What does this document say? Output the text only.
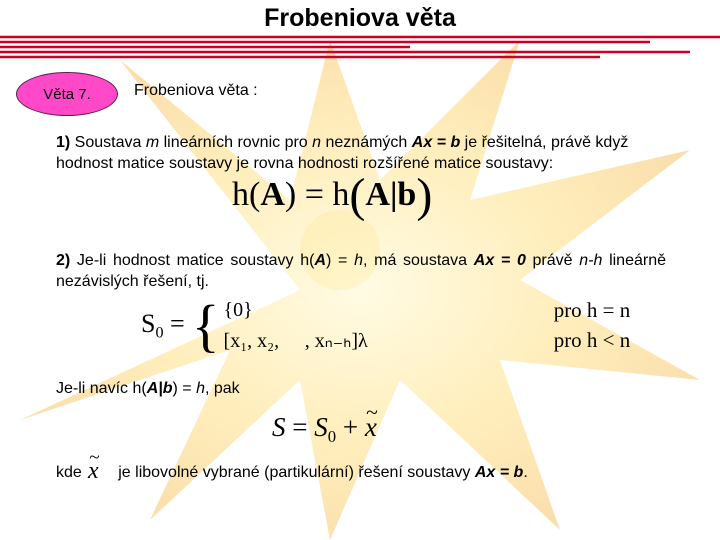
Frobeniova věta
Věta 7.	Frobeniova věta :
1) Soustava m lineárních rovnic pro n neznámých Ax = b je řešitelná, právě když hodnost matice soustavy je rovna hodnosti rozšířené matice soustavy:
h(A) = h(A|b)
2) Je-li hodnost matice soustavy h(A) = h, má soustava Ax = 0 právě n-h lineárně nezávislých řešení, tj.
$S_0$ =	{	{0}	pro h = n
		[x₁, x₂, ⃞ , xₙ₋ₕ]λ	pro h < n
Je-li navíc h(A|b) = h, pak
$S = S_0$ + ~ x
kde je libovolné vybrané (partikulární) řešení soustavy Ax = b.
~ x
